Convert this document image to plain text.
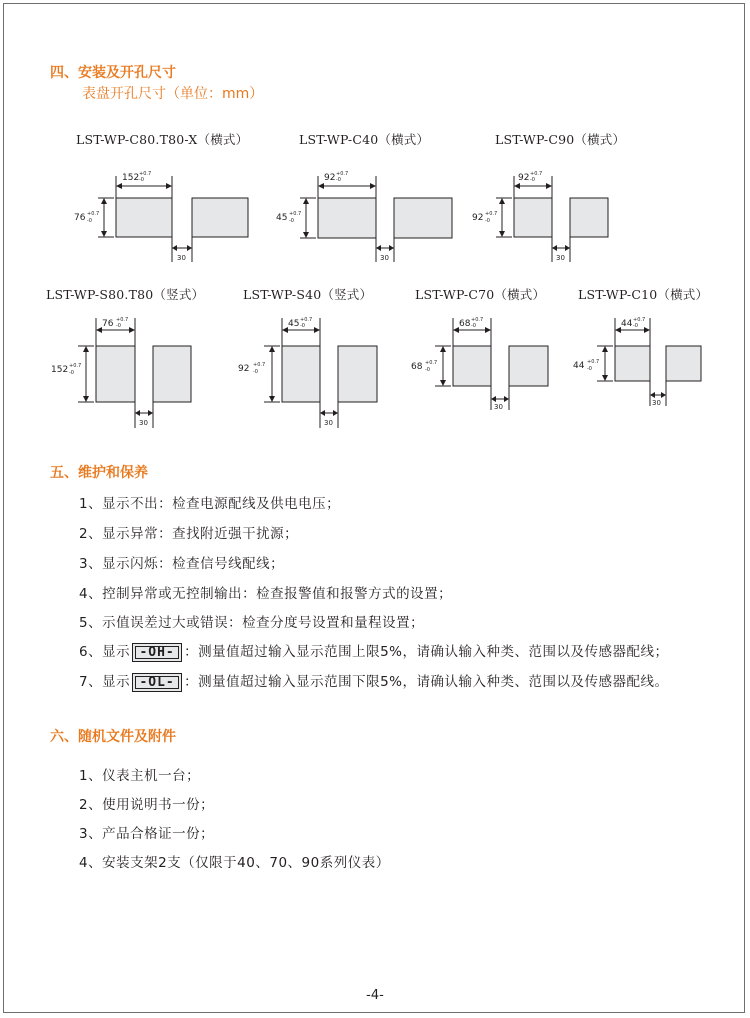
四、安装及开孔尺寸
表盘开孔尺寸（单位：mm）
LST-WP-C80.T80-X（横式）
152 +0.7
-0
76 +0.7
-0
30
LST-WP-C40（横式）
92 +0.7
-0
45 +0.7
-0
30
LST-WP-C90（横式）
92 +0.7
-0
92 +0.7
-0
30
LST-WP-S80.T80（竖式）
76 +0.7
-0
152 +0.7
-0
30
LST-WP-S40（竖式）
45 +0.7
-0
92 +0.7
-0
30
LST-WP-C70（横式）
68 +0.7
-0
68 +0.7
-0
30
LST-WP-C10（横式）
44 +0.7
-0
44 +0.7
-0
30
五、维护和保养
1、显示不出：检查电源配线及供电电压；
2、显示异常：查找附近强干扰源；
3、显示闪烁：检查信号线配线；
4、控制异常或无控制输出：检查报警值和报警方式的设置；
5、示值误差过大或错误：检查分度号设置和量程设置；
6、显示 -OH- ：测量值超过输入显示范围上限5%，请确认输入种类、范围以及传感器配线；
7、显示 -OL- ：测量值超过输入显示范围下限5%，请确认输入种类、范围以及传感器配线。
六、随机文件及附件
1、仪表主机一台；
2、使用说明书一份；
3、产品合格证一份；
4、安装支架2支（仅限于40、70、90系列仪表）
-4-
